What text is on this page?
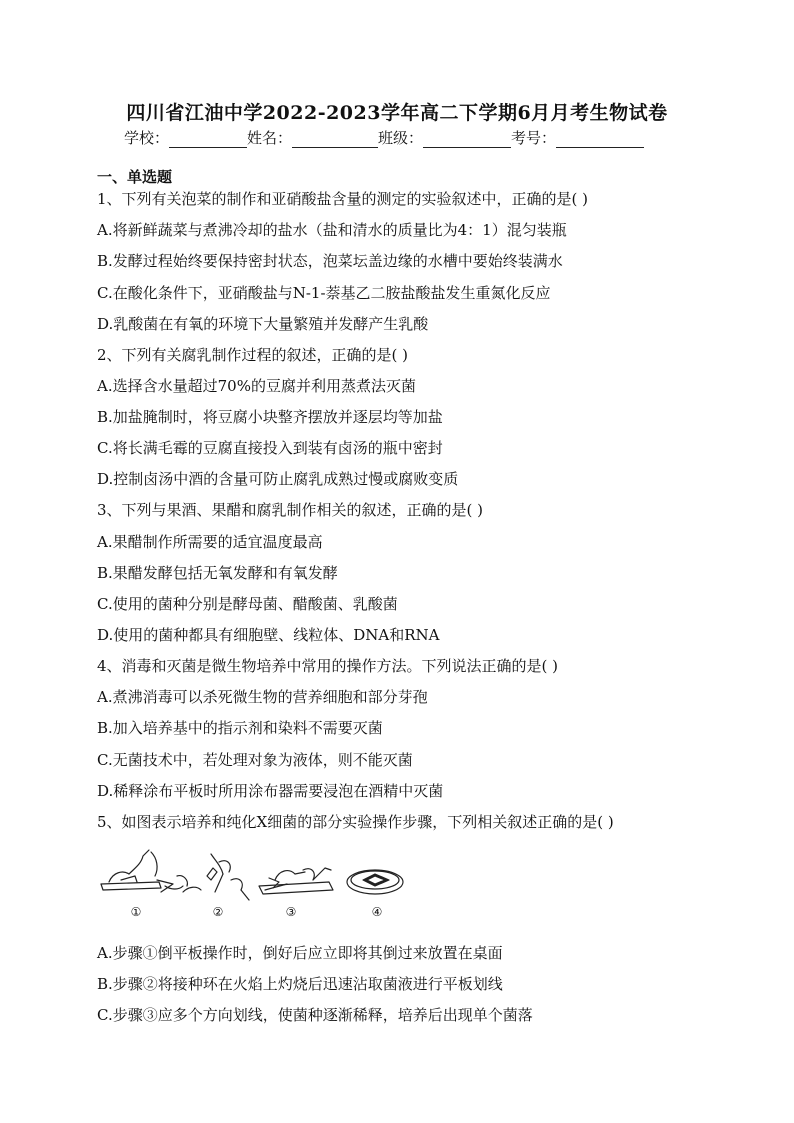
四川省江油中学2022-2023学年高二下学期6月月考生物试卷
学校：	姓名：	班级：	考号：
一、单选题
1、下列有关泡菜的制作和亚硝酸盐含量的测定的实验叙述中，正确的是( )
A.将新鲜蔬菜与煮沸冷却的盐水（盐和清水的质量比为4：1）混匀装瓶
B.发酵过程始终要保持密封状态，泡菜坛盖边缘的水槽中要始终装满水
C.在酸化条件下，亚硝酸盐与N-1-萘基乙二胺盐酸盐发生重氮化反应
D.乳酸菌在有氧的环境下大量繁殖并发酵产生乳酸
2、下列有关腐乳制作过程的叙述，正确的是( )
A.选择含水量超过70%的豆腐并利用蒸煮法灭菌
B.加盐腌制时，将豆腐小块整齐摆放并逐层均等加盐
C.将长满毛霉的豆腐直接投入到装有卤汤的瓶中密封
D.控制卤汤中酒的含量可防止腐乳成熟过慢或腐败变质
3、下列与果酒、果醋和腐乳制作相关的叙述，正确的是( )
A.果醋制作所需要的适宜温度最高
B.果醋发酵包括无氧发酵和有氧发酵
C.使用的菌种分别是酵母菌、醋酸菌、乳酸菌
D.使用的菌种都具有细胞壁、线粒体、DNA和RNA
4、消毒和灭菌是微生物培养中常用的操作方法。下列说法正确的是( )
A.煮沸消毒可以杀死微生物的营养细胞和部分芽孢
B.加入培养基中的指示剂和染料不需要灭菌
C.无菌技术中，若处理对象为液体，则不能灭菌
D.稀释涂布平板时所用涂布器需要浸泡在酒精中灭菌
5、如图表示培养和纯化X细菌的部分实验操作步骤，下列相关叙述正确的是( )
①	②	③	④
A.步骤①倒平板操作时，倒好后应立即将其倒过来放置在桌面
B.步骤②将接种环在火焰上灼烧后迅速沾取菌液进行平板划线
C.步骤③应多个方向划线，使菌种逐渐稀释，培养后出现单个菌落
